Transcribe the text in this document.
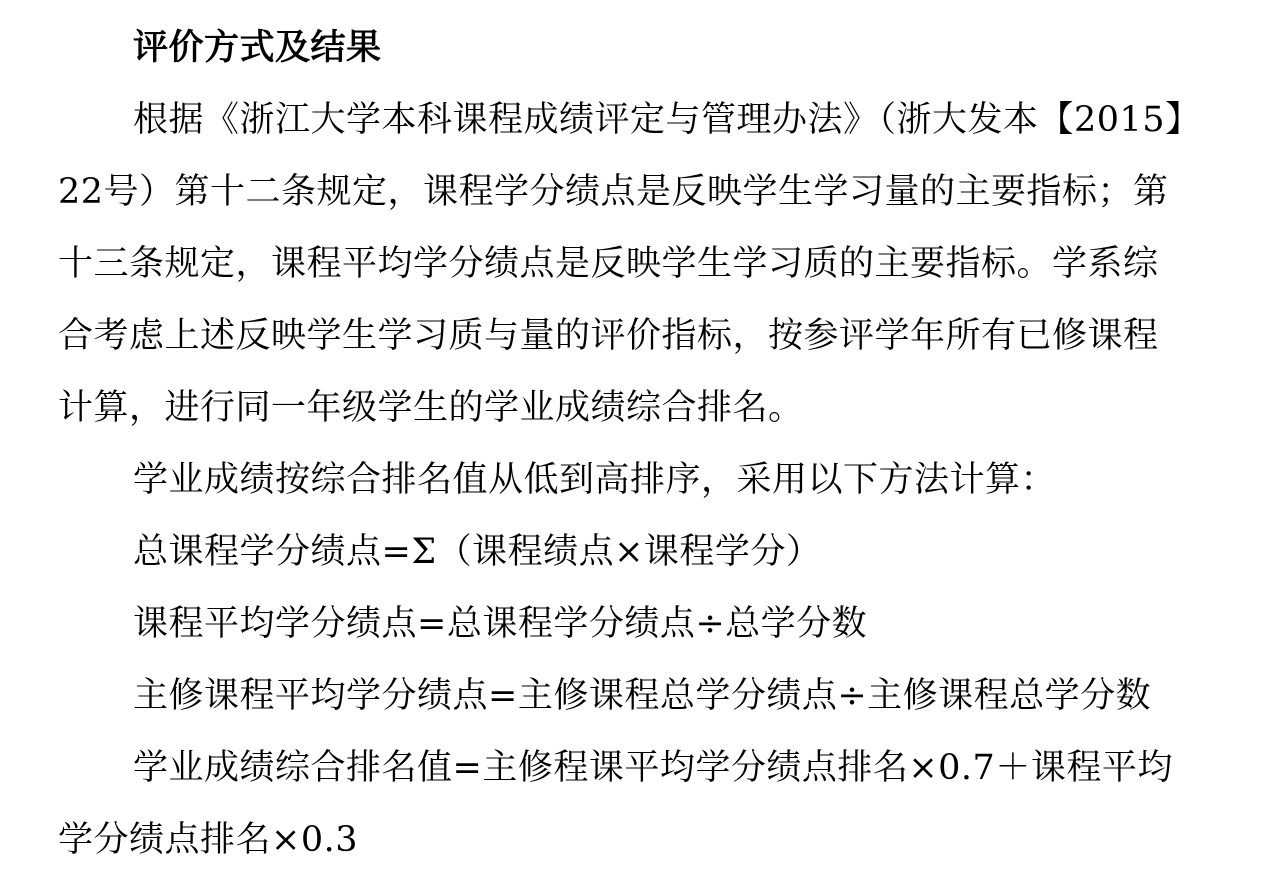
评价方式及结果
根据《浙江大学本科课程成绩评定与管理办法》（浙大发本【2015】
22号）第十二条规定，课程学分绩点是反映学生学习量的主要指标；第
十三条规定，课程平均学分绩点是反映学生学习质的主要指标。学系综
合考虑上述反映学生学习质与量的评价指标，按参评学年所有已修课程
计算，进行同一年级学生的学业成绩综合排名。
学业成绩按综合排名值从低到高排序，采用以下方法计算：
总课程学分绩点=Σ（课程绩点×课程学分）
课程平均学分绩点=总课程学分绩点÷总学分数
主修课程平均学分绩点=主修课程总学分绩点÷主修课程总学分数
学业成绩综合排名值=主修程课平均学分绩点排名×0.7＋课程平均
学分绩点排名×0.3
